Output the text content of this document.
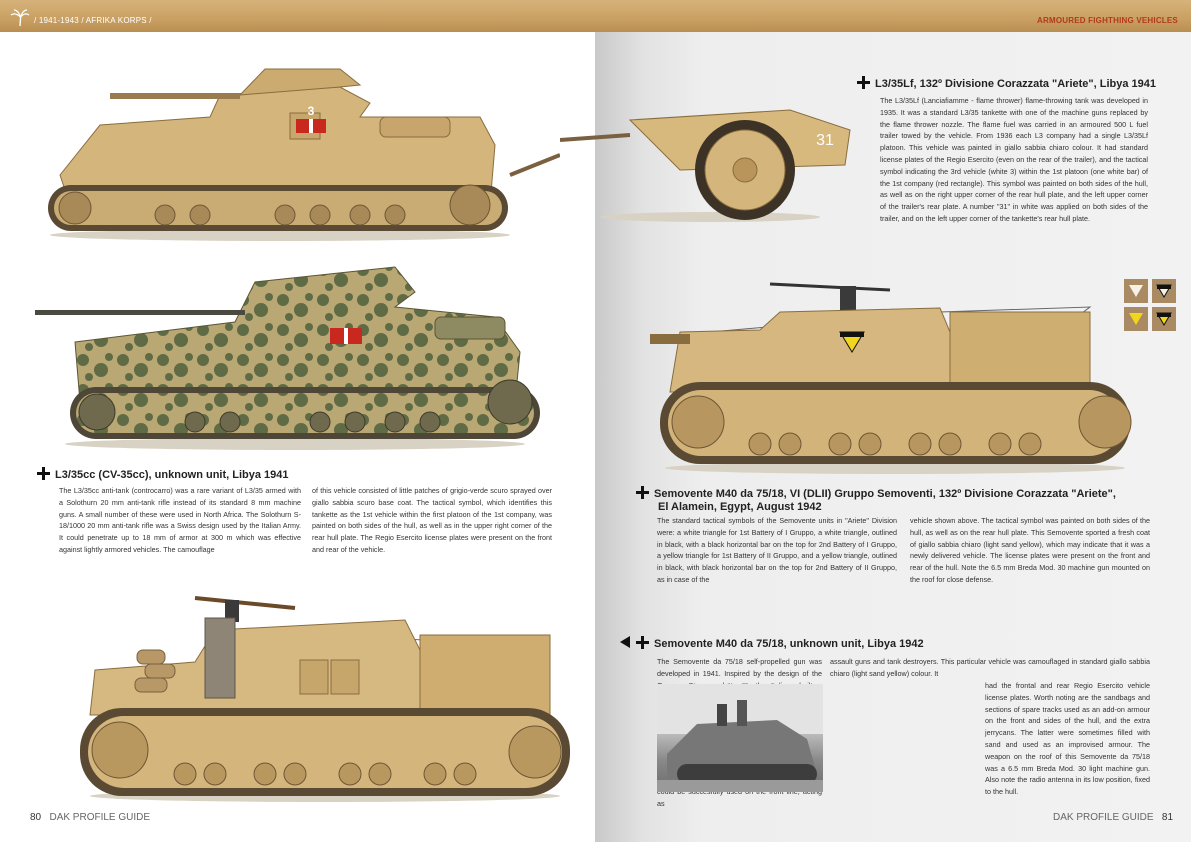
/ 1941-1943 / AFRIKA KORPS /	ARMOURED FIGHTHING VEHICLES
3
31
L3/35Lf, 132º Divisione Corazzata "Ariete", Libya 1941
The L3/35Lf (Lanciafiamme - flame thrower) flame-throwing tank was developed in 1935. It was a standard L3/35 tankette with one of the machine guns replaced by the flame thrower nozzle. The flame fuel was carried in an armoured 500 L fuel trailer towed by the vehicle. From 1936 each L3 company had a single L3/35Lf platoon. This vehicle was painted in giallo sabbia chiaro colour. It had standard license plates of the Regio Esercito (even on the rear of the trailer), and the tactical symbol indicating the 3rd vehicle (white 3) within the 1st platoon (one white bar) of the 1st company (red rectangle). This symbol was painted on both sides of the hull, as well as on the right upper corner of the rear hull plate, and the left upper corner of the trailer's rear plate. A number "31" in white was applied on both sides of the trailer, and on the left upper corner of the tankette's rear hull plate.
L3/35cc (CV-35cc), unknown unit, Libya 1941
The L3/35cc anti-tank (controcarro) was a rare variant of L3/35 armed with a Solothurn 20 mm anti-tank rifle instead of its standard 8 mm machine guns. A small number of these were used in North Africa. The Solothurn S-18/1000 20 mm anti-tank rifle was a Swiss design used by the Italian Army. It could penetrate up to 18 mm of armor at 300 m which was effective against lightly armored vehicles. The camouflage
of this vehicle consisted of little patches of grigio-verde scuro sprayed over giallo sabbia scuro base coat. The tactical symbol, which identifies this tankette as the 1st vehicle within the first platoon of the 1st company, was painted on both sides of the hull, as well as in the upper right corner of the rear hull plate. The Regio Esercito license plates were present on the front and rear of the vehicle.
Semovente M40 da 75/18, VI (DLII) Gruppo Semoventi, 132º Divisione Corazzata "Ariete",
El Alamein, Egypt, August 1942
The standard tactical symbols of the Semovente units in "Ariete" Division were: a white triangle for 1st Battery of I Gruppo, a white triangle, outlined in black, with a black horizontal bar on the top for 2nd Battery of I Gruppo, a yellow triangle for 1st Battery of II Gruppo, and a yellow triangle, outlined in black, with black horizontal bar on the top for 2nd Battery of II Gruppo, as in case of the
vehicle shown above. The tactical symbol was painted on both sides of the hull, as well as on the rear hull plate. This Semovente sported a fresh coat of giallo sabbia chiaro (light sand yellow), which may indicate that it was a newly delivered vehicle. The license plates were present on the front and rear of the hull. Note the 6.5 mm Breda Mod. 30 machine gun mounted on the roof for close defense.
Semovente M40 da 75/18, unknown unit, Libya 1942
The Semovente da 75/18 self-propelled gun was developed in 1941. Inspired by the design of the as
assault guns and tank destroyers. This particular vehicle was camouflaged in standard giallo sabbia chiaro (light sand yellow) colour. It
had the frontal and rear Regio Esercito vehicle license plates. Worth noting are the sandbags and sections of spare tracks used as an add-on armour on the front and sides of the hull, and the extra jerrycans. The latter were sometimes filled with sand and used as an improvised armour. The weapon on the roof of this Semovente da 75/18 was a 6.5 mm Breda Mod. 30 light machine gun. Also note the radio antenna in its low position, fixed to the hull.
80 DAK PROFILE GUIDE	DAK PROFILE GUIDE 81
